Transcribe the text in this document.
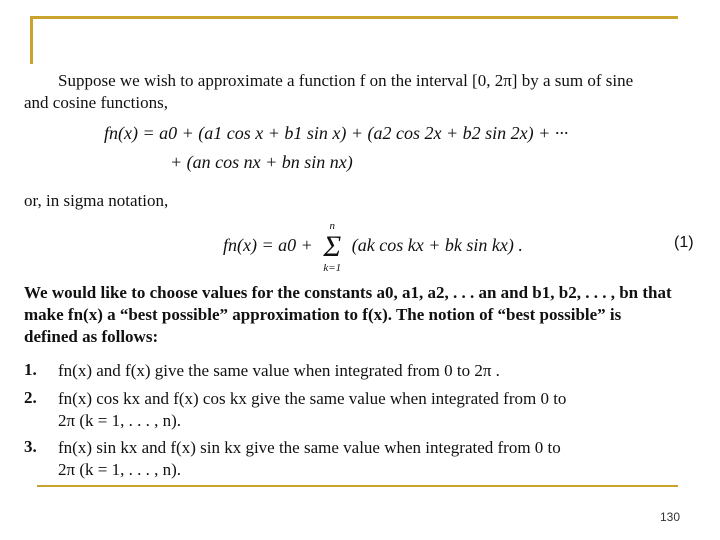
Suppose we wish to approximate a function f on the interval [0, 2π] by a sum of sine
and cosine functions,
fn(x) = a0 + (a1 cos x + b1 sin x) + (a2 cos 2x + b2 sin 2x) + ···
+ (an cos nx + bn sin nx)
or, in sigma notation,
fn(x) = a0 +
n
Σ
k=1
(ak cos kx + bk sin kx) .	(1)
We would like to choose values for the constants a0, a1, a2, . . . an and b1, b2, . . . , bn that
make fn(x) a “best possible” approximation to f(x). The notion of “best possible” is
defined as follows:
1. fn(x) and f(x) give the same value when integrated from 0 to 2π .
2. fn(x) cos kx and f(x) cos kx give the same value when integrated from 0 to
2π (k = 1, . . . , n).
3. fn(x) sin kx and f(x) sin kx give the same value when integrated from 0 to
2π (k = 1, . . . , n).
130
